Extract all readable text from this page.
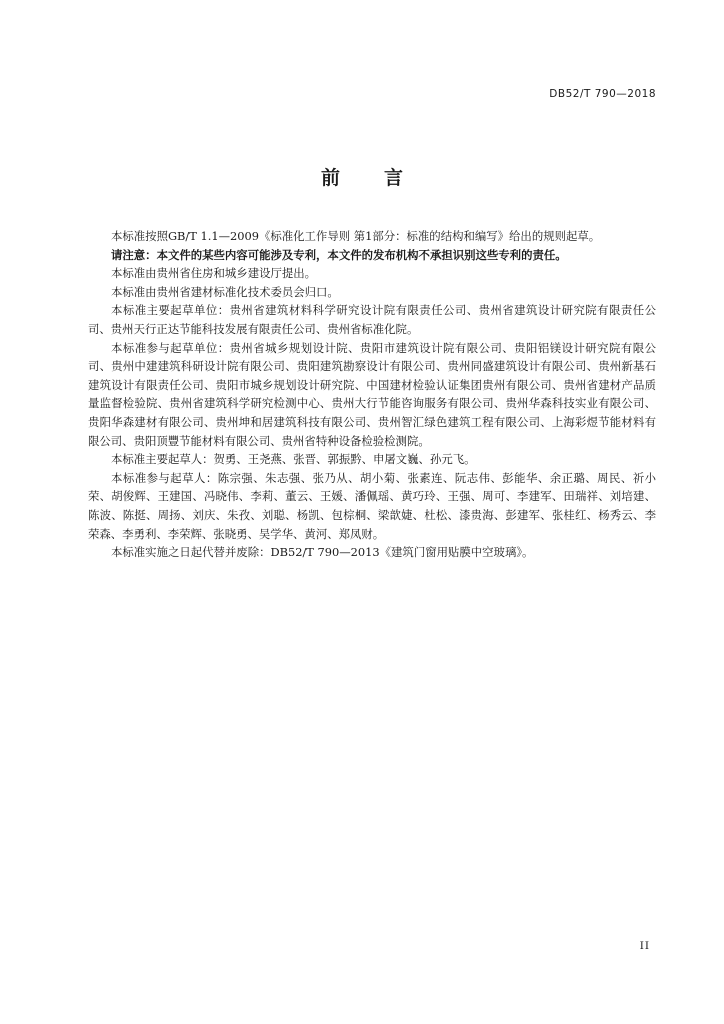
DB52/T 790—2018
前 言

本标准按照GB/T 1.1—2009《标准化工作导则 第1部分：标准的结构和编写》给出的规则起草。

请注意：本文件的某些内容可能涉及专利，本文件的发布机构不承担识别这些专利的责任。

本标准由贵州省住房和城乡建设厅提出。

本标准由贵州省建材标准化技术委员会归口。

本标准主要起草单位：贵州省建筑材料科学研究设计院有限责任公司、贵州省建筑设计研究院有限责任公司、贵州天行正达节能科技发展有限责任公司、贵州省标准化院。

本标准参与起草单位：贵州省城乡规划设计院、贵阳市建筑设计院有限公司、贵阳铝镁设计研究院有限公司、贵州中建建筑科研设计院有限公司、贵阳建筑勘察设计有限公司、贵州同盛建筑设计有限公司、贵州新基石建筑设计有限责任公司、贵阳市城乡规划设计研究院、中国建材检验认证集团贵州有限公司、贵州省建材产品质量监督检验院、贵州省建筑科学研究检测中心、贵州大行节能咨询服务有限公司、贵州华森科技实业有限公司、贵阳华森建材有限公司、贵州坤和居建筑科技有限公司、贵州智汇绿色建筑工程有限公司、上海彩煜节能材料有限公司、贵阳顶豐节能材料有限公司、贵州省特种设备检验检测院。

本标准主要起草人：贺勇、王尧燕、张晋、郭振黔、申屠文巍、孙元飞。

本标准参与起草人：陈宗强、朱志强、张乃从、胡小菊、张素连、阮志伟、彭能华、余正璐、周民、祈小荣、胡俊辉、王建国、冯晓伟、李莉、董云、王媛、潘佩瑶、黄巧玲、王强、周可、李建军、田瑞祥、刘培建、陈波、陈挺、周扬、刘庆、朱孜、刘聪、杨凯、包棕桐、梁歆婕、杜松、漆贵海、彭建军、张桂红、杨秀云、李荣森、李勇利、李荣辉、张晓勇、吴学华、黄河、郑凤财。

本标准实施之日起代替并废除：DB52/T 790—2013《建筑门窗用贴膜中空玻璃》。

II
